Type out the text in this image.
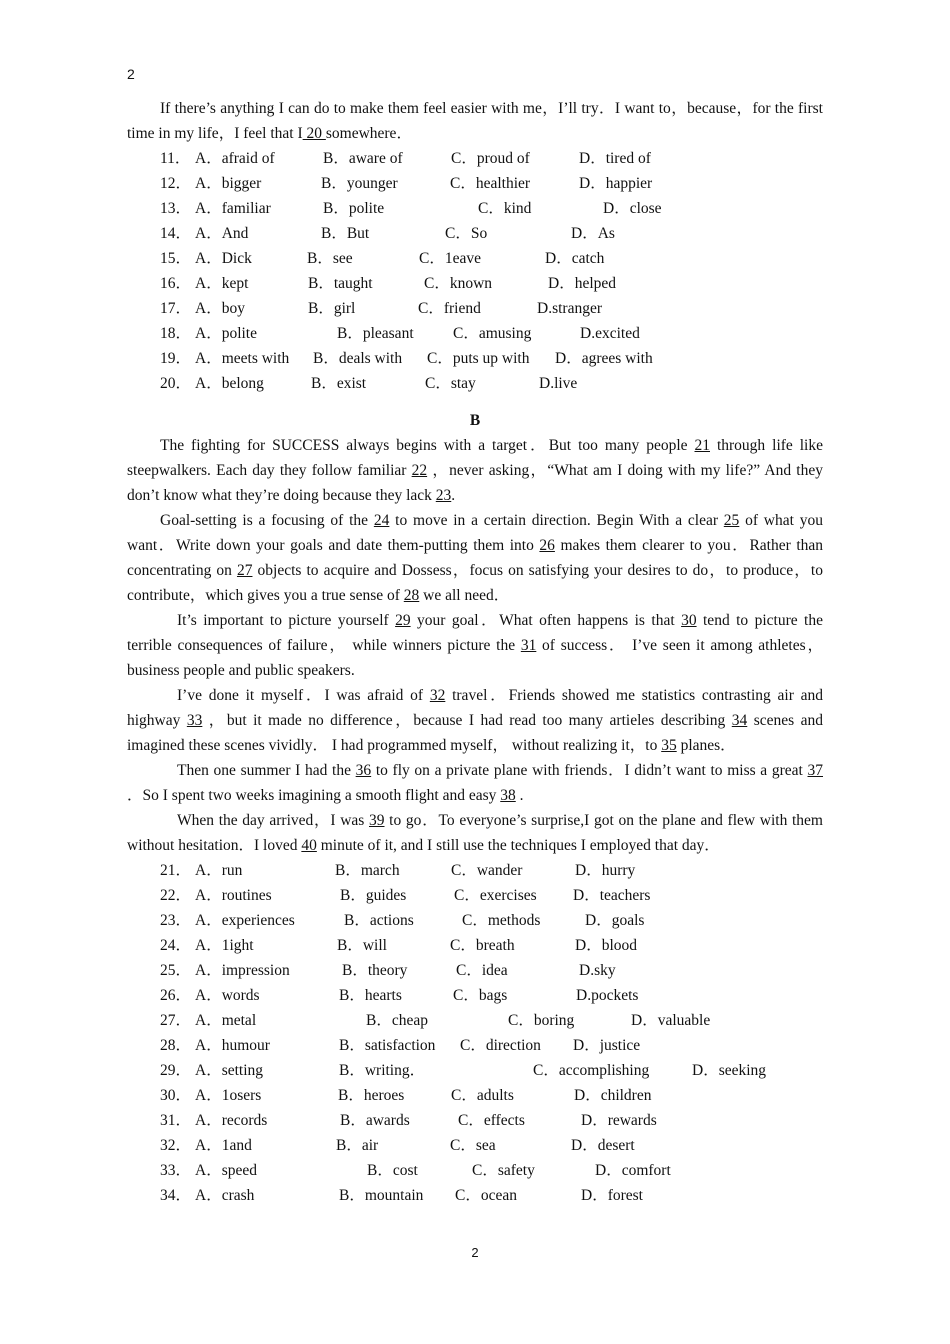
2

If there’s anything I can do to make them feel easier with me，I’ll try．I want to，because，for the first time in my life，I feel that I 20 somewhere．

11． A．afraid of	B．aware of	C．proud of	D．tired of
12． A．bigger	B．younger	C．healthier	D．happier
13． A．familiar	B．polite	C．kind	D．close
14． A．And	B．But	C．So	D．As
15． A．Dick	B．see	C．1eave	D．catch
16． A．kept	B．taught	C．known	D．helped
17． A．boy	B．girl	C．friend	D.stranger
18． A．polite	B．pleasant	C．amusing	D.excited
19． A．meets with	B．deals with	C．puts up with	D．agrees with
20． A．belong	B．exist	C．stay	D.live
B

The fighting for SUCCESS always begins with a target．But too many people 21 through life like steepwalkers. Each day they follow familiar 22 ，never asking，“What am I doing with my life?” And they don’t know what they’re doing because they lack 23.

Goal-setting is a focusing of the 24 to move in a certain direction. Begin With a clear 25 of what you want．Write down your goals and date them-putting them into 26 makes them clearer to you．Rather than concentrating on 27 objects to acquire and Dossess，focus on satisfying your desires to do，to produce，to contribute，which gives you a true sense of 28 we all need．

It’s important to picture yourself 29 your goal．What often happens is that 30 tend to picture the terrible consequences of failure， while winners picture the 31 of success． I’ve seen it among athletes，business people and public speakers.

I’ve done it myself．I was afraid of 32 travel．Friends showed me statistics contrasting air and highway 33 ，but it made no difference，because I had read too many artieles describing 34 scenes and imagined these scenes vividly． I had programmed myself， without realizing it，to 35 planes．

Then one summer I had the 36 to fly on a private plane with friends．I didn’t want to miss a great 37 ．So I spent two weeks imagining a smooth flight and easy 38 .

When the day arrived，I was 39 to go．To everyone’s surprise,I got on the plane and flew with them without hesitation．I loved 40 minute of it, and I still use the techniques I employed that day．

21． A．run	B．march	C．wander	D．hurry
22． A．routines	B．guides	C．exercises	D．teachers
23． A．experiences	B．actions	C．methods	D．goals
24． A．1ight	B．will	C．breath	D．blood
25． A．impression	B．theory	C．idea	D.sky
26． A．words	B．hearts	C．bags	D.pockets
27． A．metal	B．cheap	C．boring	D．valuable
28． A．humour	B．satisfaction	C．direction	D．justice
29． A．setting	B．writing．	C．accomplishing	D．seeking
30． A．1osers	B．heroes	C．adults	D．children
31． A．records	B．awards	C．effects	D．rewards
32． A．1and	B．air	C．sea	D．desert
33． A．speed	B．cost	C．safety	D．comfort
34． A．crash	B．mountain	C．ocean	D．forest
2
